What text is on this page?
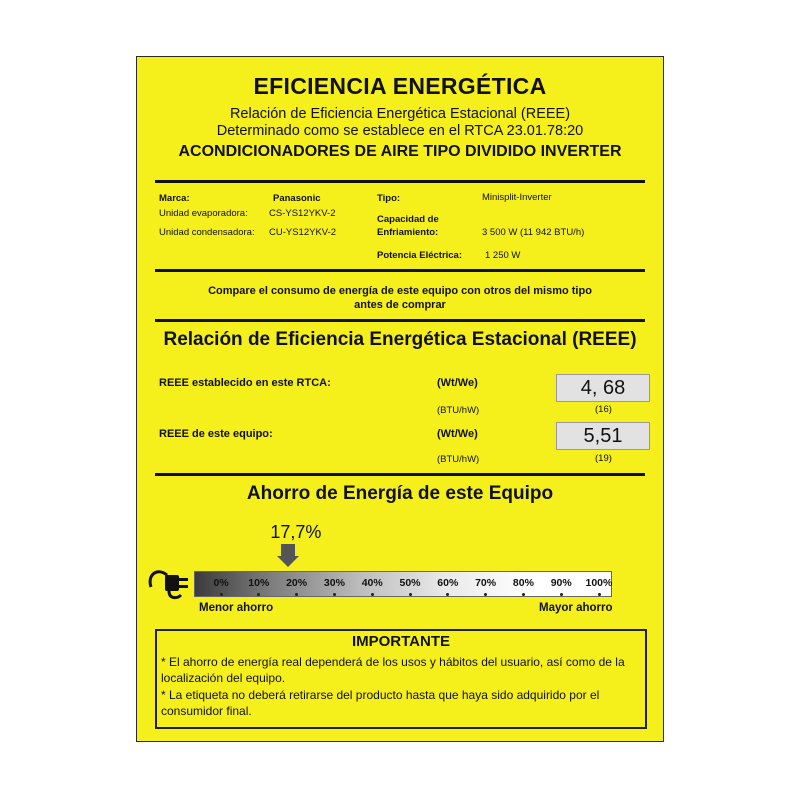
EFICIENCIA ENERGÉTICA
Relación de Eficiencia Energética Estacional (REEE)
Determinado como se establece en el RTCA 23.01.78:20
ACONDICIONADORES DE AIRE TIPO DIVIDIDO INVERTER
Marca:	Panasonic
Unidad evaporadora: CS-YS12YKV-2
Unidad condensadora: CU-YS12YKV-2
Tipo:	Minisplit-Inverter
Capacidad de
Enfriamiento:	3 500 W (11 942 BTU/h)
Potencia Eléctrica: 1 250 W
Compare el consumo de energía de este equipo con otros del mismo tipo
antes de comprar
Relación de Eficiencia Energética Estacional (REEE)
REEE establecido en este RTCA:	(Wt/We)	4, 68
(BTU/hW)	(16)
REEE de este equipo:	(Wt/We)	5,51
(BTU/hW)	(19)
Ahorro de Energía de este Equipo
17,7%
Menor ahorro	Mayor ahorro
IMPORTANTE
* El ahorro de energía real dependerá de los usos y hábitos del usuario, así como de la
localización del equipo.
* La etiqueta no deberá retirarse del producto hasta que haya sido adquirido por el
consumidor final.
0% 10% 20% 30% 40% 50% 60% 70% 80% 90% 100%
